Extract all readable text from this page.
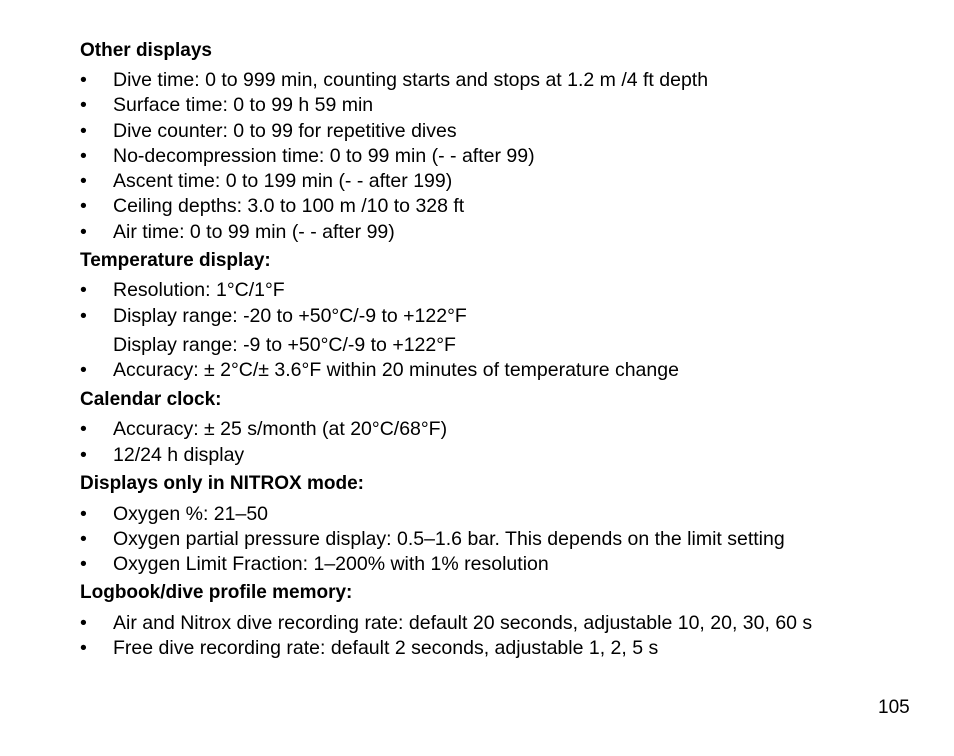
Other displays
• Dive time: 0 to 999 min, counting starts and stops at 1.2 m /4 ft depth
• Surface time: 0 to 99 h 59 min
• Dive counter: 0 to 99 for repetitive dives
• No-decompression time: 0 to 99 min (- - after 99)
• Ascent time: 0 to 199 min (- - after 199)
• Ceiling depths: 3.0 to 100 m /10 to 328 ft
• Air time: 0 to 99 min (- - after 99)
Temperature display:
• Resolution: 1°C/1°F
• Display range: -20 to +50°C/-9 to +122°F
Display range: -9 to +50°C/-9 to +122°F
• Accuracy: ± 2°C/± 3.6°F within 20 minutes of temperature change
Calendar clock:
• Accuracy: ± 25 s/month (at 20°C/68°F)
• 12/24 h display
Displays only in NITROX mode:
• Oxygen %: 21–50
• Oxygen partial pressure display: 0.5–1.6 bar. This depends on the limit setting
• Oxygen Limit Fraction: 1–200% with 1% resolution
Logbook/dive profile memory:
• Air and Nitrox dive recording rate: default 20 seconds, adjustable 10, 20, 30, 60 s
• Free dive recording rate: default 2 seconds, adjustable 1, 2, 5 s
105
